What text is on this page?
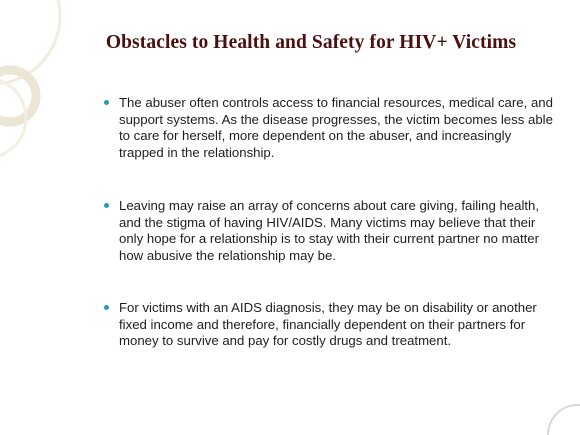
Obstacles to Health and Safety for HIV+ Victims
The abuser often controls access to financial resources, medical care, and support systems. As the disease progresses, the victim becomes less able to care for herself, more dependent on the abuser, and increasingly trapped in the relationship.
Leaving may raise an array of concerns about care giving, failing health, and the stigma of having HIV/AIDS. Many victims may believe that their only hope for a relationship is to stay with their current partner no matter how abusive the relationship may be.
For victims with an AIDS diagnosis, they may be on disability or another fixed income and therefore, financially dependent on their partners for money to survive and pay for costly drugs and treatment.
